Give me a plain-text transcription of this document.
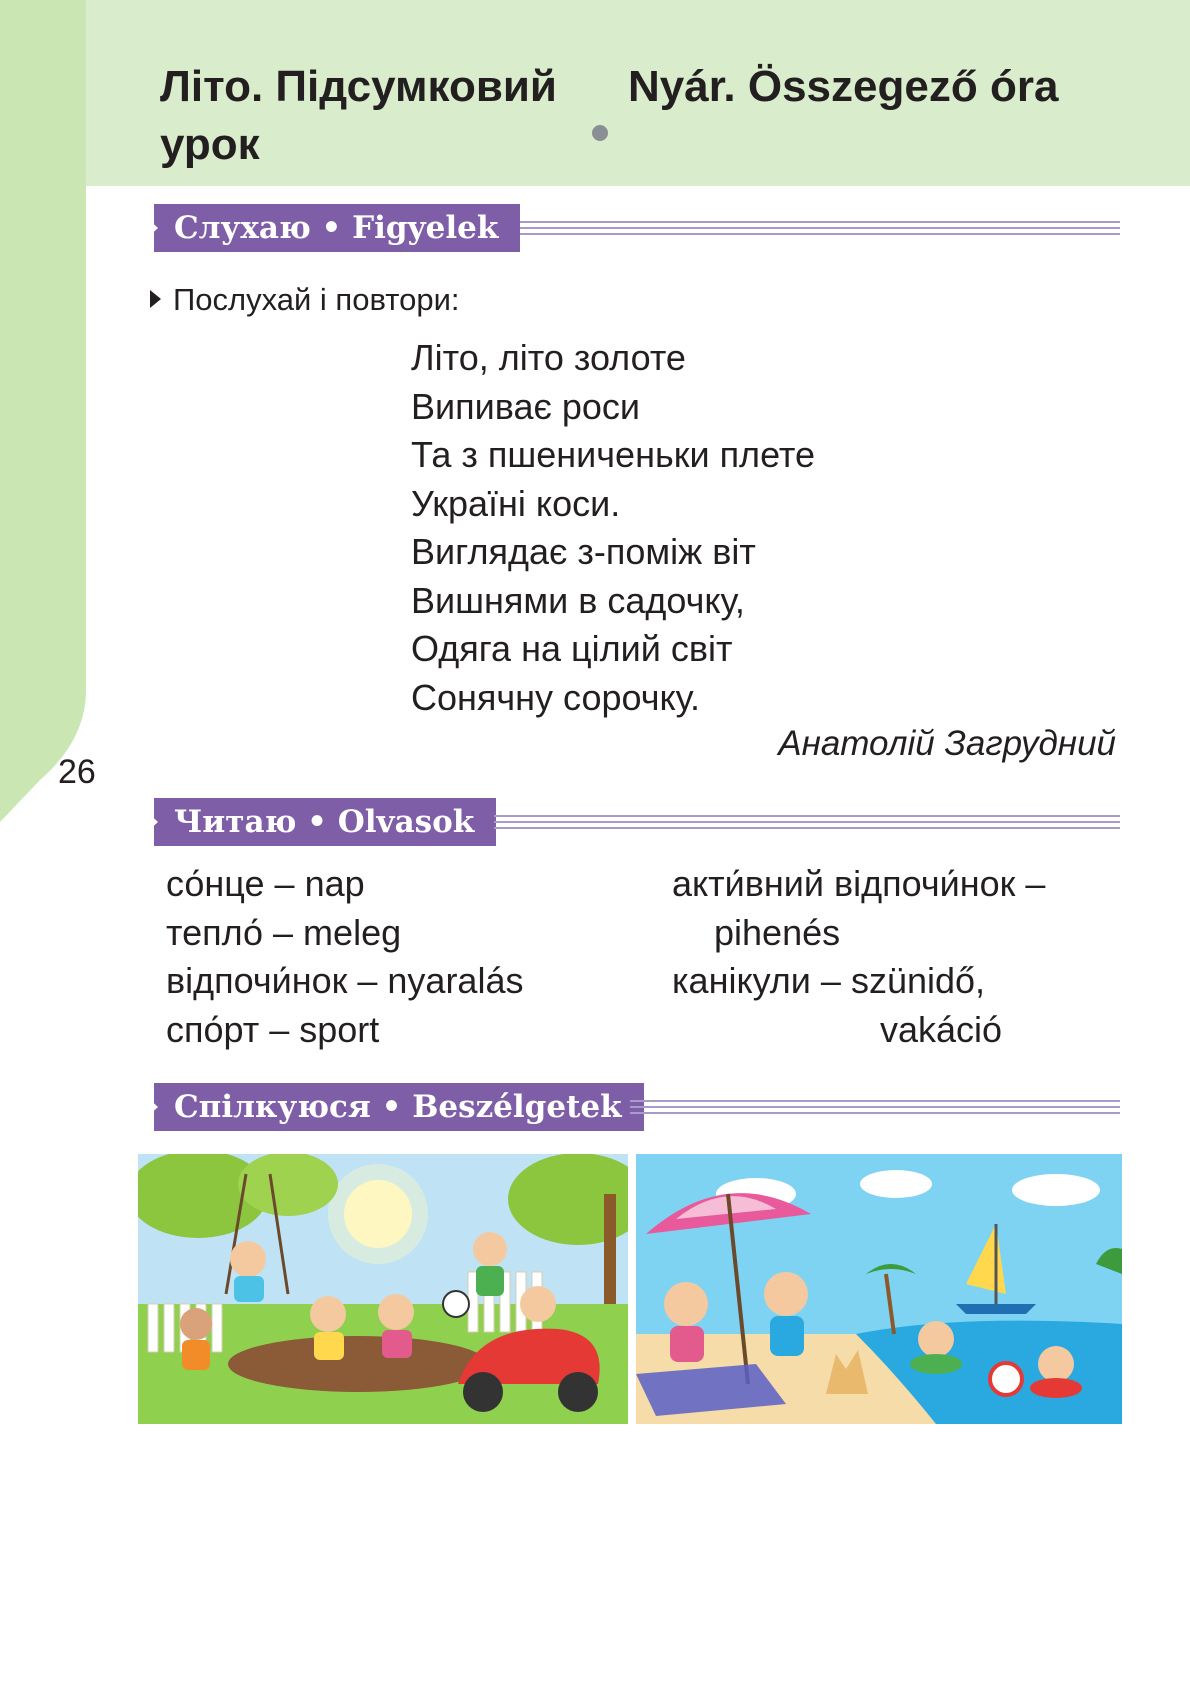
Літо. Підсумковий урок
Nyár. Összegező óra
Слухаю • Figyelek
Послухай і повтори:
Літо, літо золоте
Випиває роси
Та з пшениченьки плете
Україні коси.
Виглядає з-поміж віт
Вишнями в садочку,
Одяга на цілий світ
Сонячну сорочку.
Анатолій Загрудний
26
Читаю • Olvasok
со́нце – nap
тепло́ – meleg
відпочи́нок – nyaralás
спо́рт – sport
акти́вний відпочи́нок –
pihenés
канікули – szünidő,
vakáció
Спілкуюся • Beszélgetek
